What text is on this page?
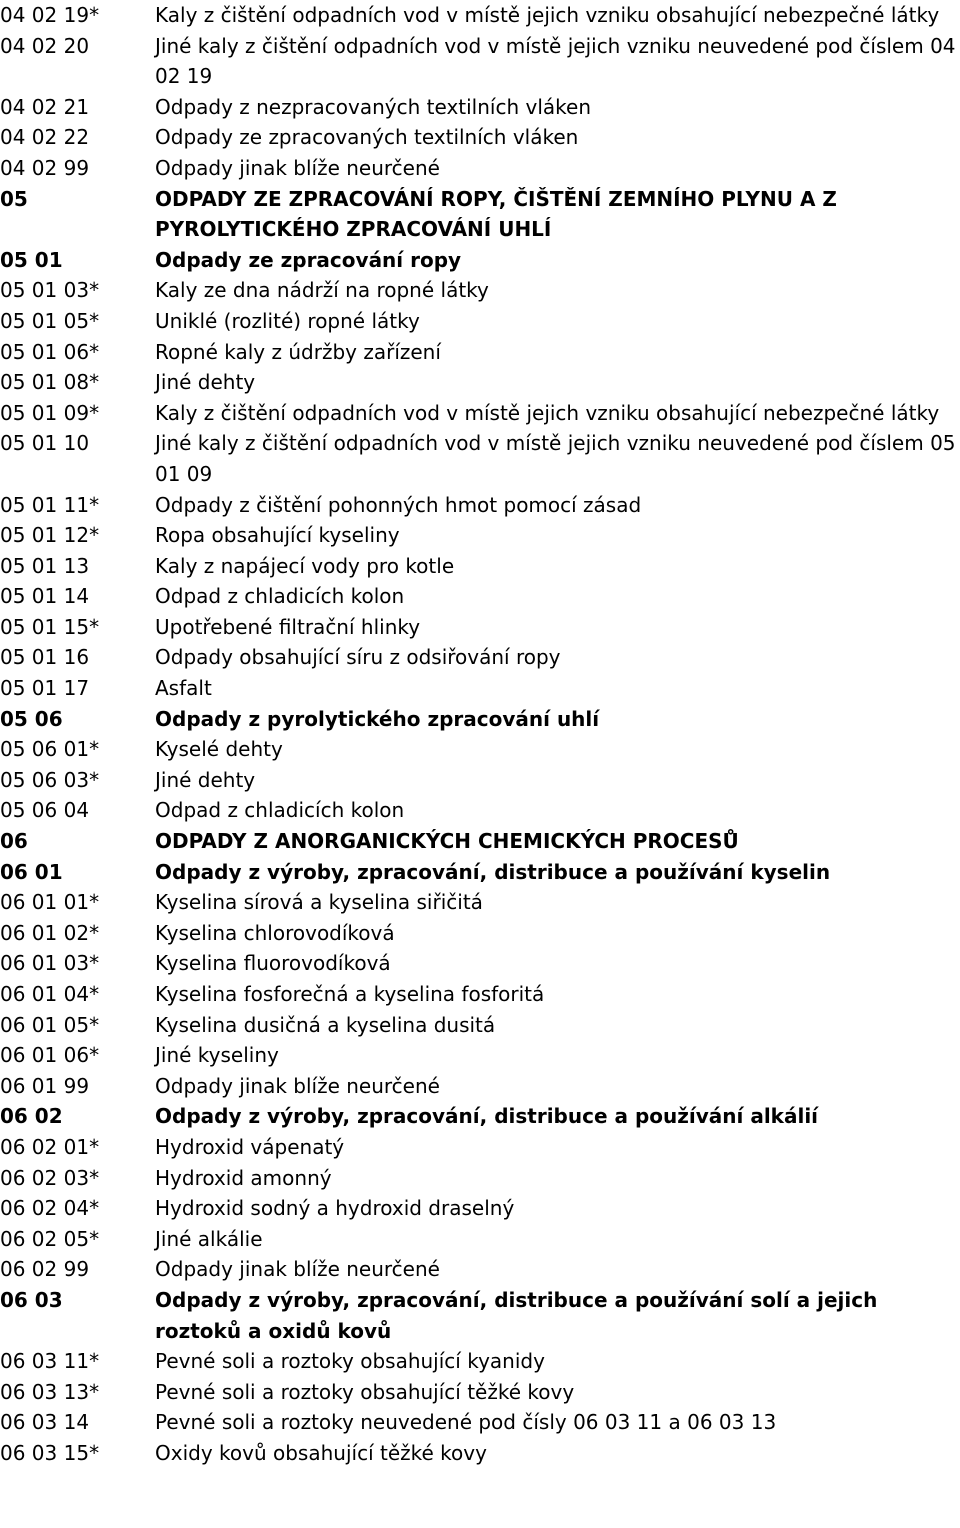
04 02 19*	Kaly z čištění odpadních vod v místě jejich vzniku obsahující nebezpečné látky
04 02 20	Jiné kaly z čištění odpadních vod v místě jejich vzniku neuvedené pod číslem 04 02 19
04 02 21	Odpady z nezpracovaných textilních vláken
04 02 22	Odpady ze zpracovaných textilních vláken
04 02 99	Odpady jinak blíže neurčené
05	ODPADY ZE ZPRACOVÁNÍ ROPY, ČIŠTĚNÍ ZEMNÍHO PLYNU A Z PYROLYTICKÉHO ZPRACOVÁNÍ UHLÍ
05 01	Odpady ze zpracování ropy
05 01 03*	Kaly ze dna nádrží na ropné látky
05 01 05*	Uniklé (rozlité) ropné látky
05 01 06*	Ropné kaly z údržby zařízení
05 01 08*	Jiné dehty
05 01 09*	Kaly z čištění odpadních vod v místě jejich vzniku obsahující nebezpečné látky
05 01 10	Jiné kaly z čištění odpadních vod v místě jejich vzniku neuvedené pod číslem 05 01 09
05 01 11*	Odpady z čištění pohonných hmot pomocí zásad
05 01 12*	Ropa obsahující kyseliny
05 01 13	Kaly z napájecí vody pro kotle
05 01 14	Odpad z chladicích kolon
05 01 15*	Upotřebené filtrační hlinky
05 01 16	Odpady obsahující síru z odsiřování ropy
05 01 17	Asfalt
05 06	Odpady z pyrolytického zpracování uhlí
05 06 01*	Kyselé dehty
05 06 03*	Jiné dehty
05 06 04	Odpad z chladicích kolon
06	ODPADY Z ANORGANICKÝCH CHEMICKÝCH PROCESŮ
06 01	Odpady z výroby, zpracování, distribuce a používání kyselin
06 01 01*	Kyselina sírová a kyselina siřičitá
06 01 02*	Kyselina chlorovodíková
06 01 03*	Kyselina fluorovodíková
06 01 04*	Kyselina fosforečná a kyselina fosforitá
06 01 05*	Kyselina dusičná a kyselina dusitá
06 01 06*	Jiné kyseliny
06 01 99	Odpady jinak blíže neurčené
06 02	Odpady z výroby, zpracování, distribuce a používání alkálií
06 02 01*	Hydroxid vápenatý
06 02 03*	Hydroxid amonný
06 02 04*	Hydroxid sodný a hydroxid draselný
06 02 05*	Jiné alkálie
06 02 99	Odpady jinak blíže neurčené
06 03	Odpady z výroby, zpracování, distribuce a používání solí a jejich roztoků a oxidů kovů
06 03 11*	Pevné soli a roztoky obsahující kyanidy
06 03 13*	Pevné soli a roztoky obsahující těžké kovy
06 03 14	Pevné soli a roztoky neuvedené pod čísly 06 03 11 a 06 03 13
06 03 15*	Oxidy kovů obsahující těžké kovy
